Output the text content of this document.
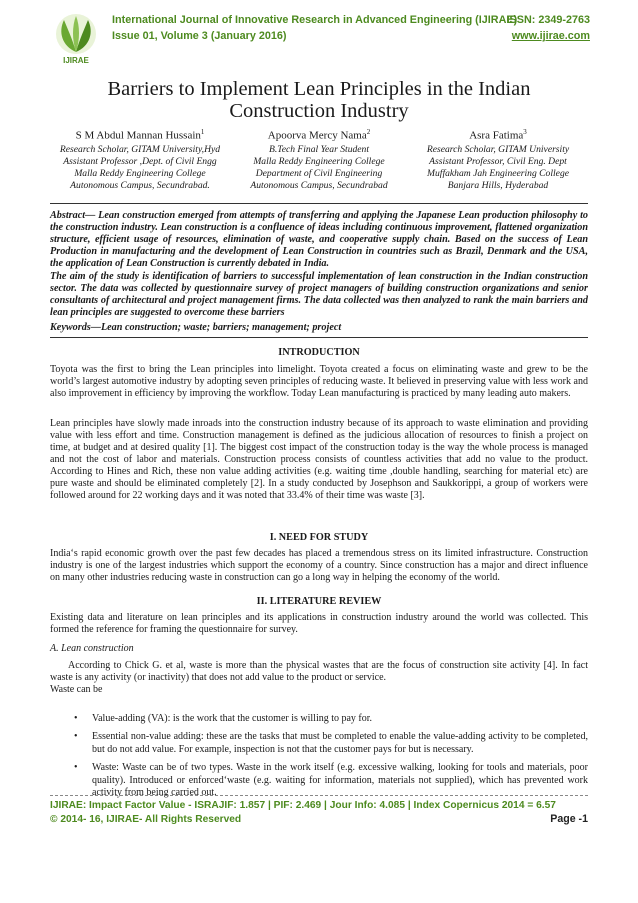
IJIRAE
International Journal of Innovative Research in Advanced Engineering (IJIRAE)
ISSN: 2349-2763
Issue 01, Volume 3 (January 2016)	www.ijirae.com
Barriers to Implement Lean Principles in the Indian
Construction Industry
S M Abdul Mannan Hussain$^1$
Research Scholar, GITAM University,Hyd
Assistant Professor ,Dept. of Civil Engg
Malla Reddy Engineering College
Autonomous Campus, Secundrabad.
Apoorva Mercy Nama$^2$
B.Tech Final Year Student
Malla Reddy Engineering College
Department of Civil Engineering
Autonomous Campus, Secundrabad
Asra Fatima$^3$
Research Scholar, GITAM University
Assistant Professor, Civil Eng. Dept
Muffakham Jah Engineering College
Banjara Hills, Hyderabad

Abstract— Lean construction emerged from attempts of transferring and applying the Japanese Lean production philosophy to the construction industry. Lean construction is a confluence of ideas including continuous improvement, flattened organization structure, efficient usage of resources, elimination of waste, and cooperative supply chain. Based on the success of Lean Production in manufacturing and the development of Lean Construction in countries such as Brazil, Denmark and the USA, the application of Lean Construction is currently debated in India.

The aim of the study is identification of barriers to successful implementation of lean construction in the Indian construction sector. The data was collected by questionnaire survey of project managers of building construction organizations and senior consultants of architectural and project management firms. The data collected was then analyzed to rank the main barriers and lean principles are suggested to overcome these barriers

Keywords—Lean construction; waste; barriers; management; project

INTRODUCTION

Toyota was the first to bring the Lean principles into limelight. Toyota created a focus on eliminating waste and grew to be the world’s largest automotive industry by adopting seven principles of reducing waste. It believed in preserving value with less work and also improvement in efficiency by improving the workflow. Today Lean manufacturing is practiced by many leading auto makers.

Lean principles have slowly made inroads into the construction industry because of its approach to waste elimination and providing value with less effort and time. Construction management is defined as the judicious allocation of resources to finish a project on time, at budget and at desired quality [1]. The biggest cost impact of the construction today is the way the whole process is managed and not the cost of labor and materials. Construction process consists of countless activities that add no value to the product. According to Hines and Rich, these non value adding activities (e.g. waiting time ,double handling, searching for material etc) are pure waste and should be eliminated completely [2]. In a study conducted by Josephson and Saukkorippi, a group of workers were followed around for 22 working days and it was noted that 33.4% of their time was waste [3].

I. NEED FOR STUDY

India‘s rapid economic growth over the past few decades has placed a tremendous stress on its limited infrastructure. Construction industry is one of the largest industries which support the economy of a country. Since construction has a major and direct influence on many other industries reducing waste in construction can go a long way in helping the economy of the world.

II. LITERATURE REVIEW

Existing data and literature on lean principles and its applications in construction industry around the world was collected. This formed the reference for framing the questionnaire for survey.

A. Lean construction

According to Chick G. et al, waste is more than the physical wastes that are the focus of construction site activity [4]. In fact waste is any activity (or inactivity) that does not add value to the product or service.

Waste can be

• Value-adding (VA): is the work that the customer is willing to pay for.
• Essential non-value adding: these are the tasks that must be completed to enable the value-adding activity to be completed, but do not add value. For example, inspection is not that the customer pays for but is necessary.
• Waste: Waste can be of two types. Waste in the work itself (e.g. excessive walking, looking for tools and materials, poor quality). Introduced or enforced‘waste (e.g. waiting for information, materials not supplied), which has prevented work activity from being carried out.
IJIRAE: Impact Factor Value - ISRAJIF: 1.857 | PIF: 2.469 | Jour Info: 4.085 | Index Copernicus 2014 = 6.57
© 2014- 16, IJIRAE- All Rights Reserved	Page -1
